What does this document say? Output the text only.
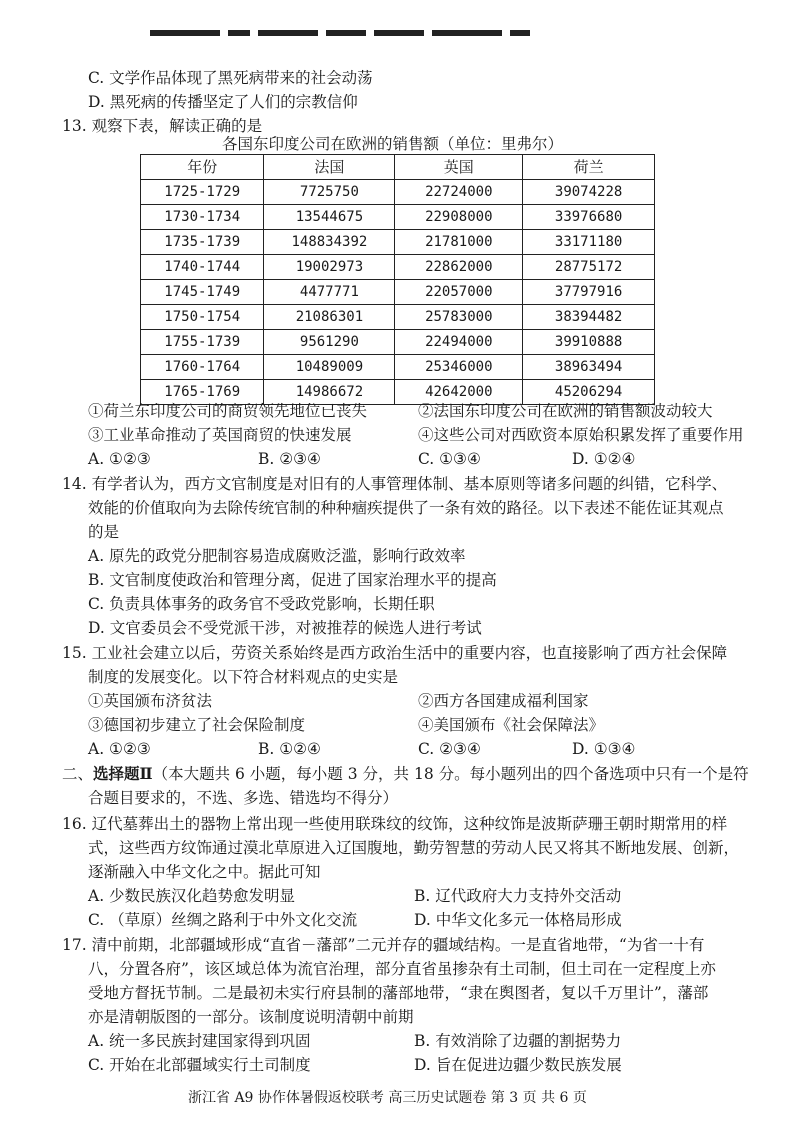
C. 文学作品体现了黑死病带来的社会动荡
D. 黑死病的传播坚定了人们的宗教信仰
13. 观察下表，解读正确的是
各国东印度公司在欧洲的销售额（单位：里弗尔）
年份	法国	英国	荷兰
1725-1729	7725750	22724000	39074228
1730-1734	13544675	22908000	33976680
1735-1739	148834392	21781000	33171180
1740-1744	19002973	22862000	28775172
1745-1749	4477771	22057000	37797916
1750-1754	21086301	25783000	38394482
1755-1739	9561290	22494000	39910888
1760-1764	10489009	25346000	38963494
1765-1769	14986672	42642000	45206294
①荷兰东印度公司的商贸领先地位已丧失	②法国东印度公司在欧洲的销售额波动较大
③工业革命推动了英国商贸的快速发展	④这些公司对西欧资本原始积累发挥了重要作用
A. ①②③	B. ②③④	C. ①③④	D. ①②④
14. 有学者认为，西方文官制度是对旧有的人事管理体制、基本原则等诸多问题的纠错，它科学、
效能的价值取向为去除传统官制的种种痼疾提供了一条有效的路径。以下表述不能佐证其观点
的是
A. 原先的政党分肥制容易造成腐败泛滥，影响行政效率
B. 文官制度使政治和管理分离，促进了国家治理水平的提高
C. 负责具体事务的政务官不受政党影响，长期任职
D. 文官委员会不受党派干涉，对被推荐的候选人进行考试
15. 工业社会建立以后，劳资关系始终是西方政治生活中的重要内容，也直接影响了西方社会保障
制度的发展变化。以下符合材料观点的史实是
①英国颁布济贫法	②西方各国建成福利国家
③德国初步建立了社会保险制度	④美国颁布《社会保障法》
A. ①②③	B. ①②④	C. ②③④	D. ①③④
二、选择题Ⅱ（本大题共 6 小题，每小题 3 分，共 18 分。每小题列出的四个备选项中只有一个是符
合题目要求的，不选、多选、错选均不得分）
16. 辽代墓葬出土的器物上常出现一些使用联珠纹的纹饰，这种纹饰是波斯萨珊王朝时期常用的样
式，这些西方纹饰通过漠北草原进入辽国腹地，勤劳智慧的劳动人民又将其不断地发展、创新，
逐渐融入中华文化之中。据此可知
A. 少数民族汉化趋势愈发明显	B. 辽代政府大力支持外交活动
C. （草原）丝绸之路利于中外文化交流	D. 中华文化多元一体格局形成
17. 清中前期，北部疆域形成“直省－藩部”二元并存的疆域结构。一是直省地带，“为省一十有
八，分置各府”，该区域总体为流官治理，部分直省虽掺杂有土司制，但土司在一定程度上亦
受地方督抚节制。二是最初未实行府县制的藩部地带，“隶在舆图者，复以千万里计”，藩部
亦是清朝版图的一部分。该制度说明清朝中前期
A. 统一多民族封建国家得到巩固	B. 有效消除了边疆的割据势力
C. 开始在北部疆域实行土司制度	D. 旨在促进边疆少数民族发展
浙江省 A9 协作体暑假返校联考 高三历史试题卷 第 3 页 共 6 页
